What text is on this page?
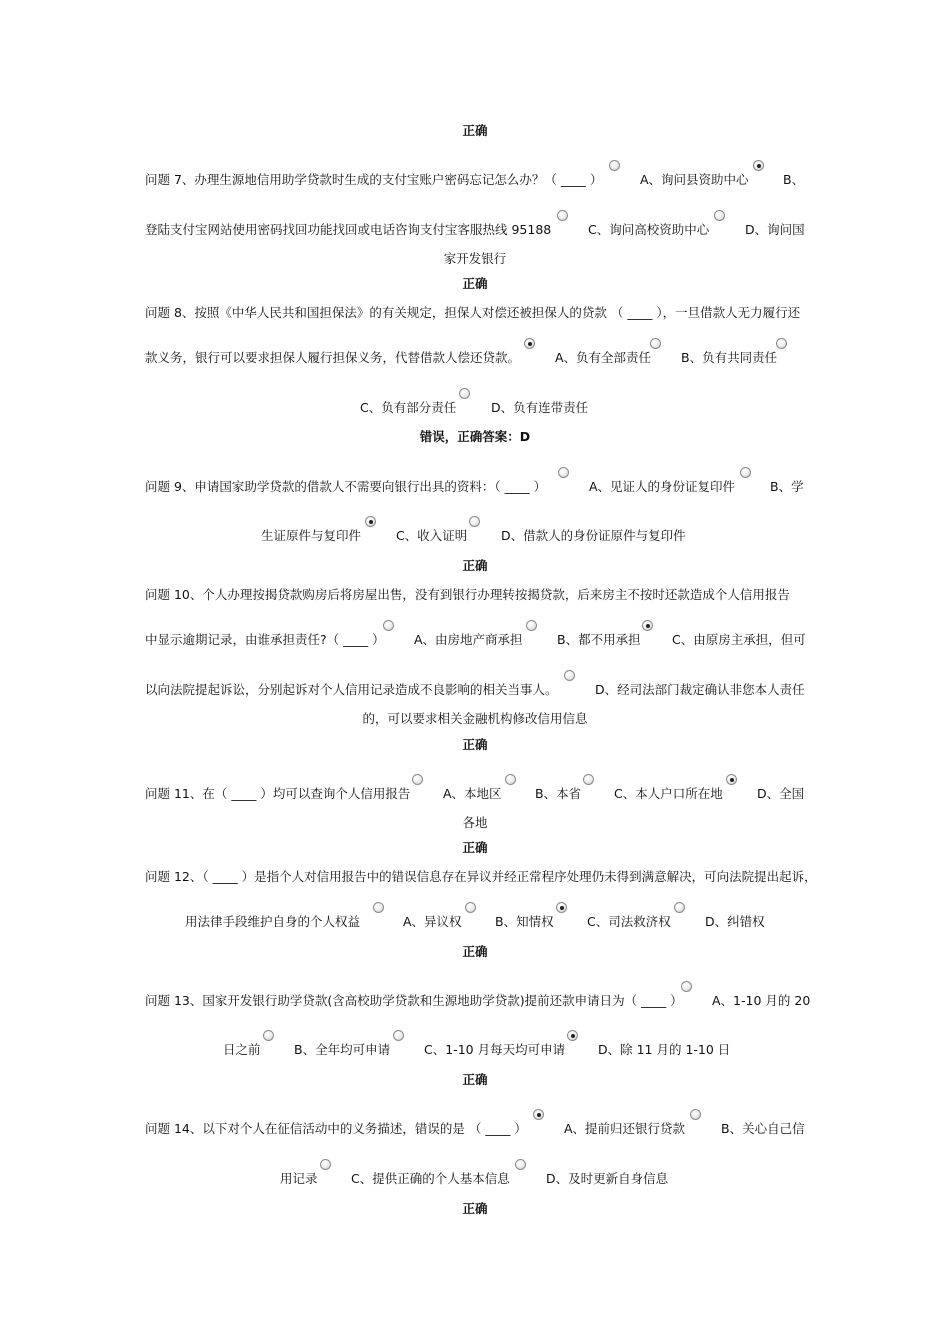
正确
问题 7、办理生源地信用助学贷款时生成的支付宝账户密码忘记怎么办？（ ____ ）	A、询问县资助中心	B、
登陆支付宝网站使用密码找回功能找回或电话咨询支付宝客服热线 95188	C、询问高校资助中心	D、询问国
家开发银行
正确
问题 8、按照《中华人民共和国担保法》的有关规定，担保人对偿还被担保人的贷款 （ ____ ），一旦借款人无力履行还
款义务，银行可以要求担保人履行担保义务，代替借款人偿还贷款。	A、负有全部责任 B、负有共同责任
C、负有部分责任	D、负有连带责任
错误，正确答案：D
问题 9、申请国家助学贷款的借款人不需要向银行出具的资料：（ ____ ）	A、见证人的身份证复印件	B、学
生证原件与复印件	C、收入证明	D、借款人的身份证原件与复印件
正确
问题 10、个人办理按揭贷款购房后将房屋出售，没有到银行办理转按揭贷款，后来房主不按时还款造成个人信用报告
中显示逾期记录，由谁承担责任?（ ____ ） A、由房地产商承担	B、都不用承担	C、由原房主承担，但可
以向法院提起诉讼，分别起诉对个人信用记录造成不良影响的相关当事人。	D、经司法部门裁定确认非您本人责任
的，可以要求相关金融机构修改信用信息
正确
问题 11、在（ ____ ）均可以查询个人信用报告	A、本地区	B、本省	C、本人户口所在地	D、全国
各地
正确
问题 12、（ ____ ）是指个人对信用报告中的错误信息存在异议并经正常程序处理仍未得到满意解决，可向法院提出起诉，
用法律手段维护自身的个人权益	A、异议权	B、知情权	C、司法救济权	D、纠错权
正确
问题 13、国家开发银行助学贷款(含高校助学贷款和生源地助学贷款)提前还款申请日为（ ____ ） A、1-10 月的 20
日之前	B、全年均可申请	C、1-10 月每天均可申请	D、除 11 月的 1-10 日
正确
问题 14、以下对个人在征信活动中的义务描述，错误的是 （ ____ ）	A、提前归还银行贷款	B、关心自己信
用记录	C、提供正确的个人基本信息	D、及时更新自身信息
正确
